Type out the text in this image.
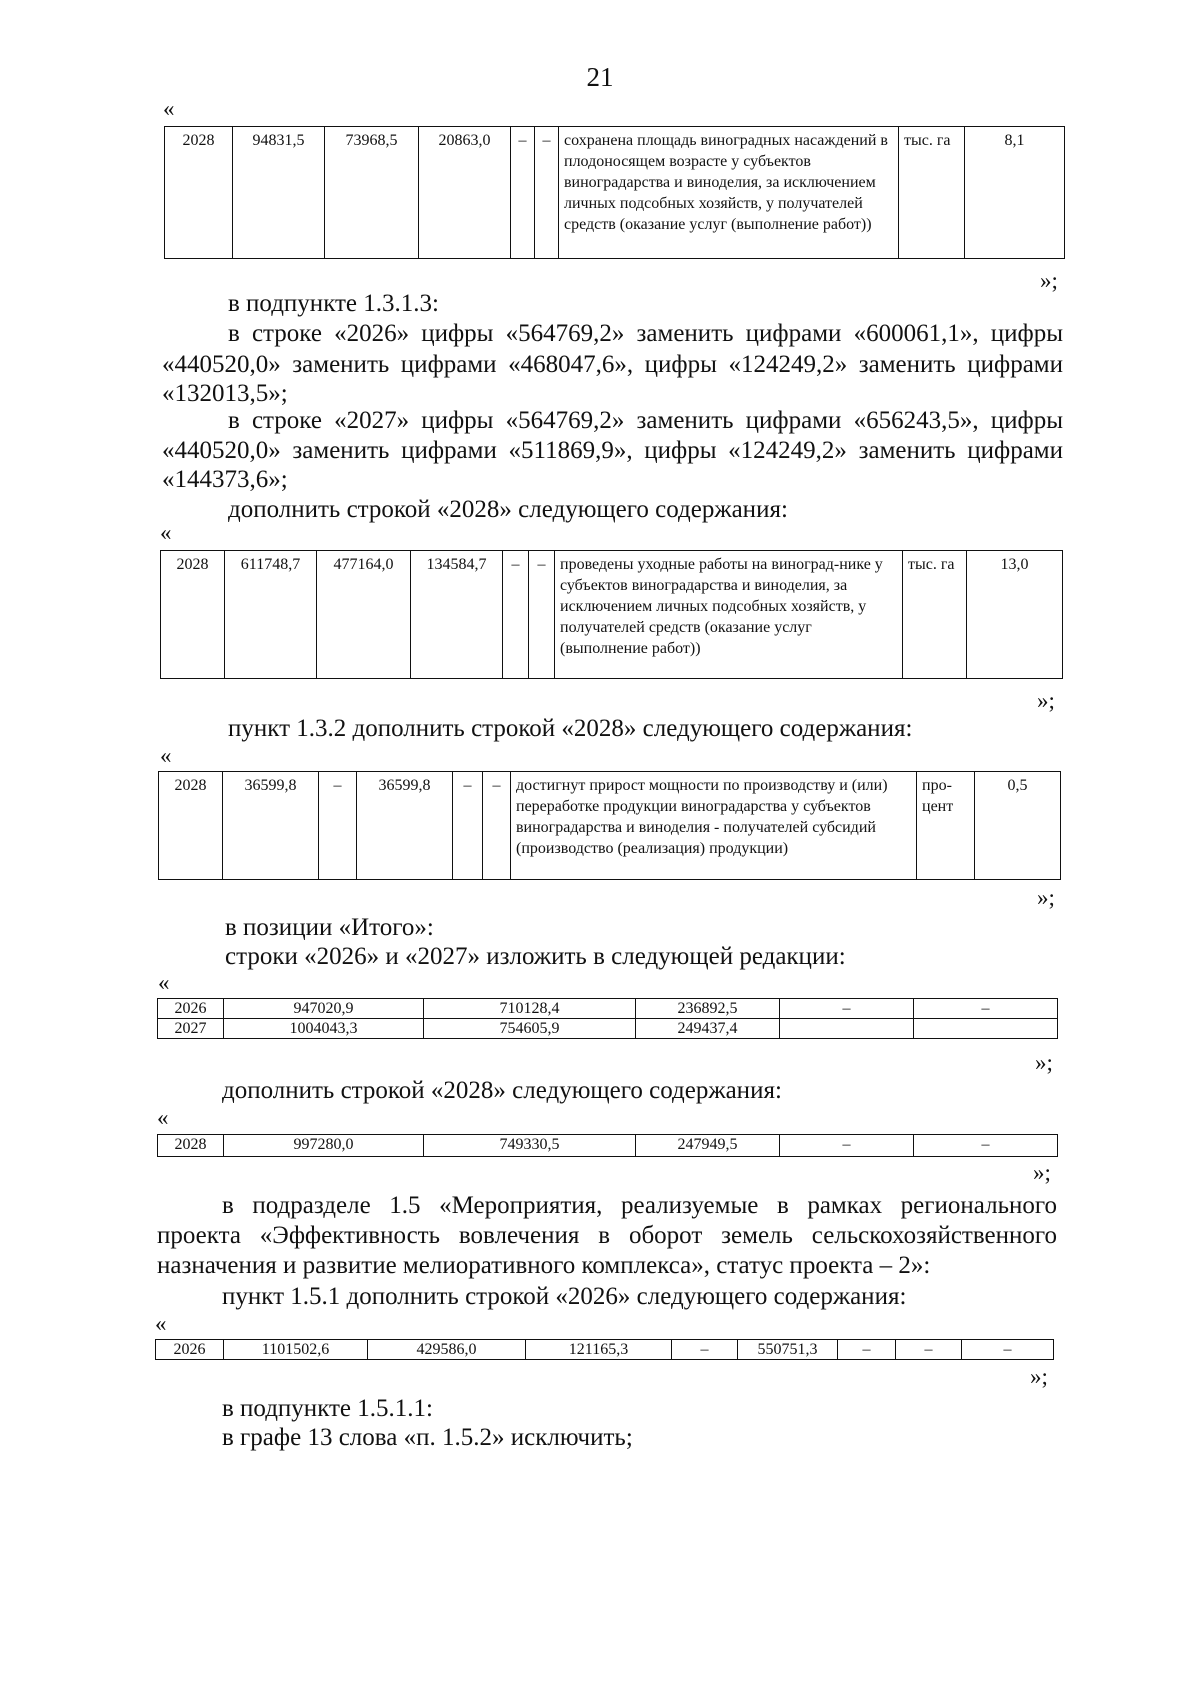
21
«
2028	94831,5	73968,5	20863,0	–	–	сохранена площадь виноградных насаждений в плодоносящем возрасте у субъектов виноградарства и виноделия, за исключением личных подсобных хозяйств, у получателей средств (оказание услуг (выполнение работ))	тыс. га	8,1
»;
в подпункте 1.3.1.3:
в строке «2026» цифры «564769,2» заменить цифрами «600061,1», цифры
«440520,0» заменить цифрами «468047,6», цифры «124249,2» заменить цифрами
«132013,5»;
в строке «2027» цифры «564769,2» заменить цифрами «656243,5», цифры
«440520,0» заменить цифрами «511869,9», цифры «124249,2» заменить цифрами
«144373,6»;
дополнить строкой «2028» следующего содержания:
«
2028	611748,7	477164,0	134584,7	–	–	проведены уходные работы на виноград-нике у субъектов виноградарства и виноделия, за исключением личных подсобных хозяйств, у получателей средств (оказание услуг (выполнение работ))	тыс. га	13,0
»;
пункт 1.3.2 дополнить строкой «2028» следующего содержания:
«
2028	36599,8	–	36599,8	–	–	достигнут прирост мощности по производству и (или) переработке продукции виноградарства у субъектов виноградарства и виноделия - получателей субсидий (производство (реализация) продукции)	про-цент	0,5
»;
в позиции «Итого»:
строки «2026» и «2027» изложить в следующей редакции:
«
2026	947020,9	710128,4	236892,5	–	–
2027	1004043,3	754605,9	249437,4		
»;
дополнить строкой «2028» следующего содержания:
«
2028	997280,0	749330,5	247949,5	–	–
»;
в подразделе 1.5 «Мероприятия, реализуемые в рамках регионального
проекта «Эффективность вовлечения в оборот земель сельскохозяйственного
назначения и развитие мелиоративного комплекса», статус проекта – 2»:
пункт 1.5.1 дополнить строкой «2026» следующего содержания:
«
2026	1101502,6	429586,0	121165,3	–	550751,3	–	–	–
»;
в подпункте 1.5.1.1:
в графе 13 слова «п. 1.5.2» исключить;
